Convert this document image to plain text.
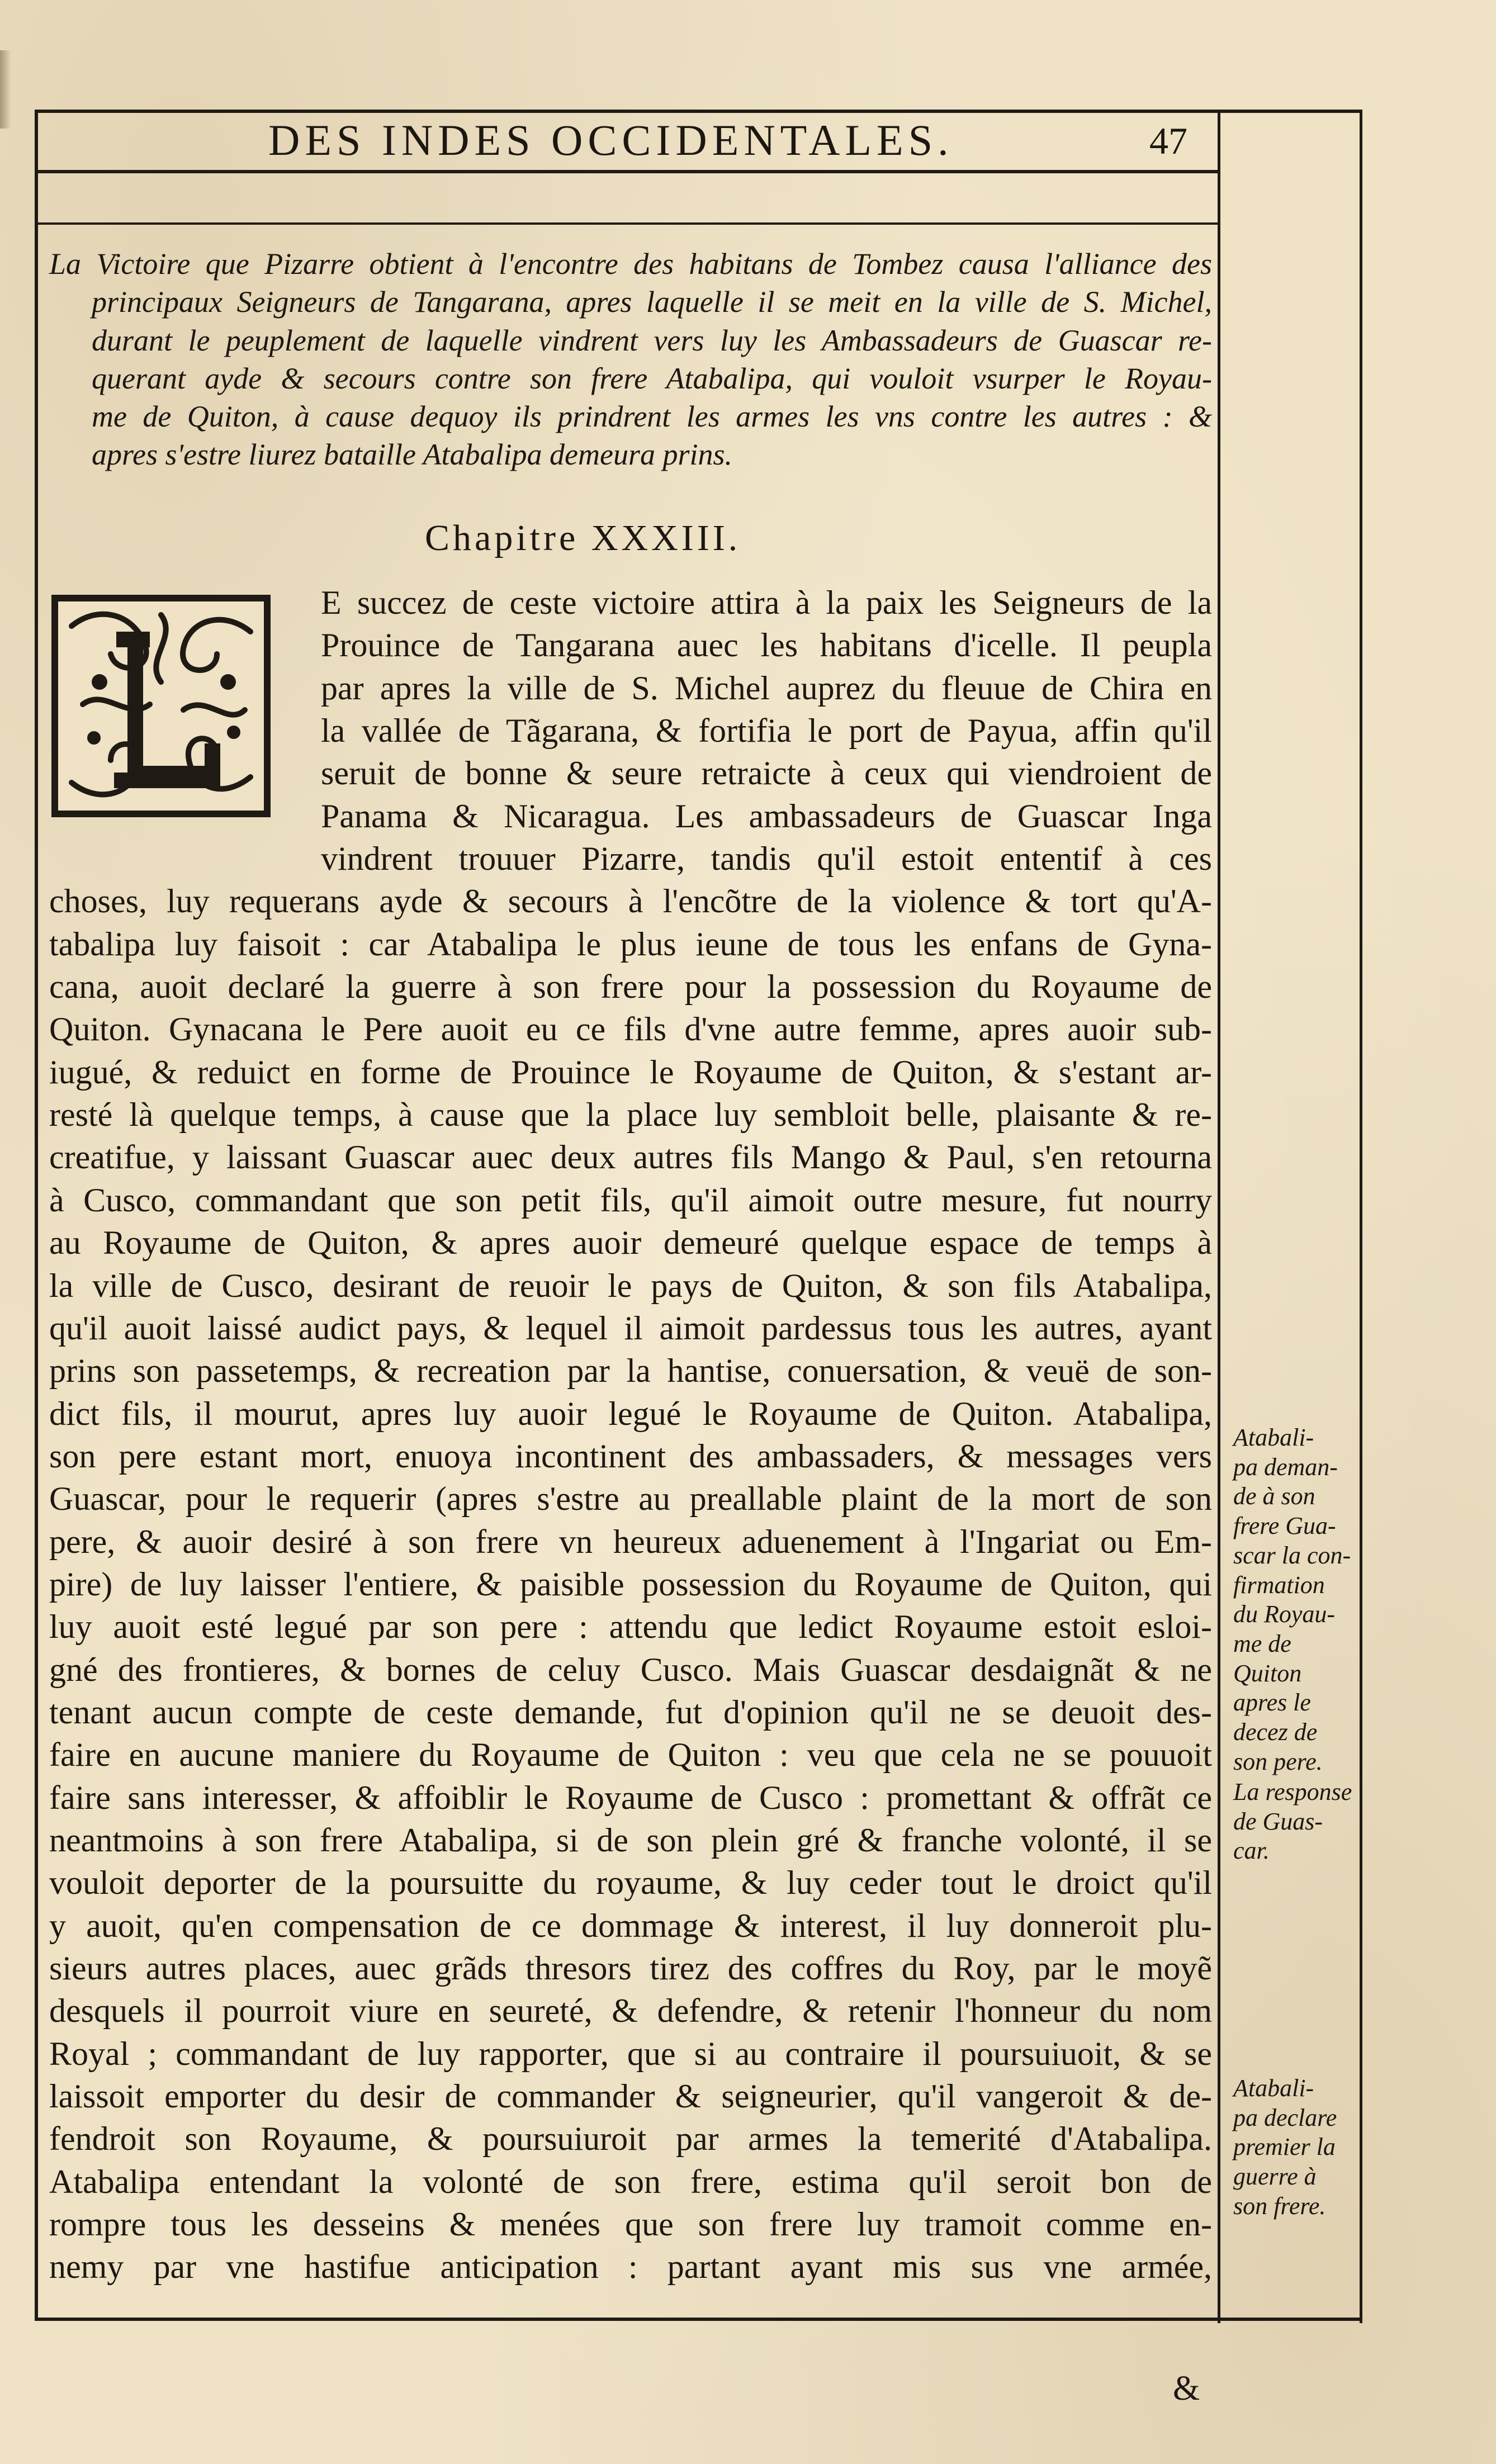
DES INDES OCCIDENTALES.	47
La Victoire que Pizarre obtient à l'encontre des habitans de Tombez causa l'alliance des
principaux Seigneurs de Tangarana, apres laquelle il se meit en la ville de S. Michel,
durant le peuplement de laquelle vindrent vers luy les Ambassadeurs de Guascar re-
querant ayde & secours contre son frere Atabalipa, qui vouloit vsurper le Royau-
me de Quiton, à cause dequoy ils prindrent les armes les vns contre les autres : &
apres s'estre liurez bataille Atabalipa demeura prins.
Chapitre XXXIII.
E succez de ceste victoire attira à la paix les Seigneurs de la
Prouince de Tangarana auec les habitans d'icelle. Il peupla
par apres la ville de S. Michel auprez du fleuue de Chira en
la vallée de Tãgarana, & fortifia le port de Payua, affin qu'il
seruit de bonne & seure retraicte à ceux qui viendroient de
Panama & Nicaragua. Les ambassadeurs de Guascar Inga
vindrent trouuer Pizarre, tandis qu'il estoit ententif à ces
choses, luy requerans ayde & secours à l'encõtre de la violence & tort qu'A-
tabalipa luy faisoit : car Atabalipa le plus ieune de tous les enfans de Gyna-
cana, auoit declaré la guerre à son frere pour la possession du Royaume de
Quiton. Gynacana le Pere auoit eu ce fils d'vne autre femme, apres auoir sub-
iugué, & reduict en forme de Prouince le Royaume de Quiton, & s'estant ar-
resté là quelque temps, à cause que la place luy sembloit belle, plaisante & re-
creatifue, y laissant Guascar auec deux autres fils Mango & Paul, s'en retourna
à Cusco, commandant que son petit fils, qu'il aimoit outre mesure, fut nourry
au Royaume de Quiton, & apres auoir demeuré quelque espace de temps à
la ville de Cusco, desirant de reuoir le pays de Quiton, & son fils Atabalipa,
qu'il auoit laissé audict pays, & lequel il aimoit pardessus tous les autres, ayant
prins son passetemps, & recreation par la hantise, conuersation, & veuë de son-
dict fils, il mourut, apres luy auoir legué le Royaume de Quiton. Atabalipa,
son pere estant mort, enuoya incontinent des ambassaders, & messages vers
Guascar, pour le requerir (apres s'estre au preallable plaint de la mort de son
pere, & auoir desiré à son frere vn heureux aduenement à l'Ingariat ou Em-
pire) de luy laisser l'entiere, & paisible possession du Royaume de Quiton, qui
luy auoit esté legué par son pere : attendu que ledict Royaume estoit esloi-
gné des frontieres, & bornes de celuy Cusco. Mais Guascar desdaignãt & ne
tenant aucun compte de ceste demande, fut d'opinion qu'il ne se deuoit des-
faire en aucune maniere du Royaume de Quiton : veu que cela ne se pouuoit
faire sans interesser, & affoiblir le Royaume de Cusco : promettant & offrãt ce
neantmoins à son frere Atabalipa, si de son plein gré & franche volonté, il se
vouloit deporter de la poursuitte du royaume, & luy ceder tout le droict qu'il
y auoit, qu'en compensation de ce dommage & interest, il luy donneroit plu-
sieurs autres places, auec grãds thresors tirez des coffres du Roy, par le moyẽ
desquels il pourroit viure en seureté, & defendre, & retenir l'honneur du nom
Royal ; commandant de luy rapporter, que si au contraire il poursuiuoit, & se
laissoit emporter du desir de commander & seigneurier, qu'il vangeroit & de-
fendroit son Royaume, & poursuiuroit par armes la temerité d'Atabalipa.
Atabalipa entendant la volonté de son frere, estima qu'il seroit bon de
rompre tous les desseins & menées que son frere luy tramoit comme en-
nemy par vne hastifue anticipation : partant ayant mis sus vne armée,
Atabali-
pa deman-
de à son
frere Gua-
scar la con-
firmation
du Royau-
me de
Quiton
apres le
decez de
son pere.
La response
de Guas-
car.
Atabali-
pa declare
premier la
guerre à
son frere.
&
